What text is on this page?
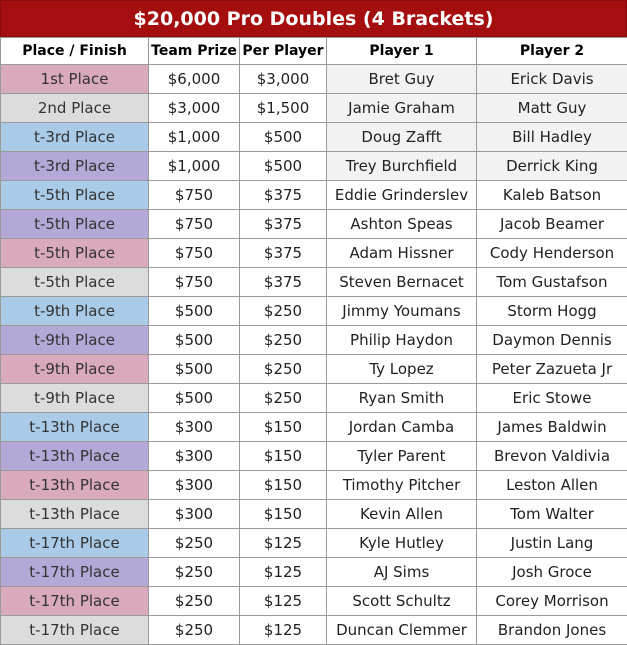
$20,000 Pro Doubles (4 Brackets)
Place / Finish	Team Prize	Per Player	Player 1	Player 2
1st Place	$6,000	$3,000	Bret Guy	Erick Davis
2nd Place	$3,000	$1,500	Jamie Graham	Matt Guy
t-3rd Place	$1,000	$500	Doug Zafft	Bill Hadley
t-3rd Place	$1,000	$500	Trey Burchfield	Derrick King
t-5th Place	$750	$375	Eddie Grinderslev	Kaleb Batson
t-5th Place	$750	$375	Ashton Speas	Jacob Beamer
t-5th Place	$750	$375	Adam Hissner	Cody Henderson
t-5th Place	$750	$375	Steven Bernacet	Tom Gustafson
t-9th Place	$500	$250	Jimmy Youmans	Storm Hogg
t-9th Place	$500	$250	Philip Haydon	Daymon Dennis
t-9th Place	$500	$250	Ty Lopez	Peter Zazueta Jr
t-9th Place	$500	$250	Ryan Smith	Eric Stowe
t-13th Place	$300	$150	Jordan Camba	James Baldwin
t-13th Place	$300	$150	Tyler Parent	Brevon Valdivia
t-13th Place	$300	$150	Timothy Pitcher	Leston Allen
t-13th Place	$300	$150	Kevin Allen	Tom Walter
t-17th Place	$250	$125	Kyle Hutley	Justin Lang
t-17th Place	$250	$125	AJ Sims	Josh Groce
t-17th Place	$250	$125	Scott Schultz	Corey Morrison
t-17th Place	$250	$125	Duncan Clemmer	Brandon Jones
